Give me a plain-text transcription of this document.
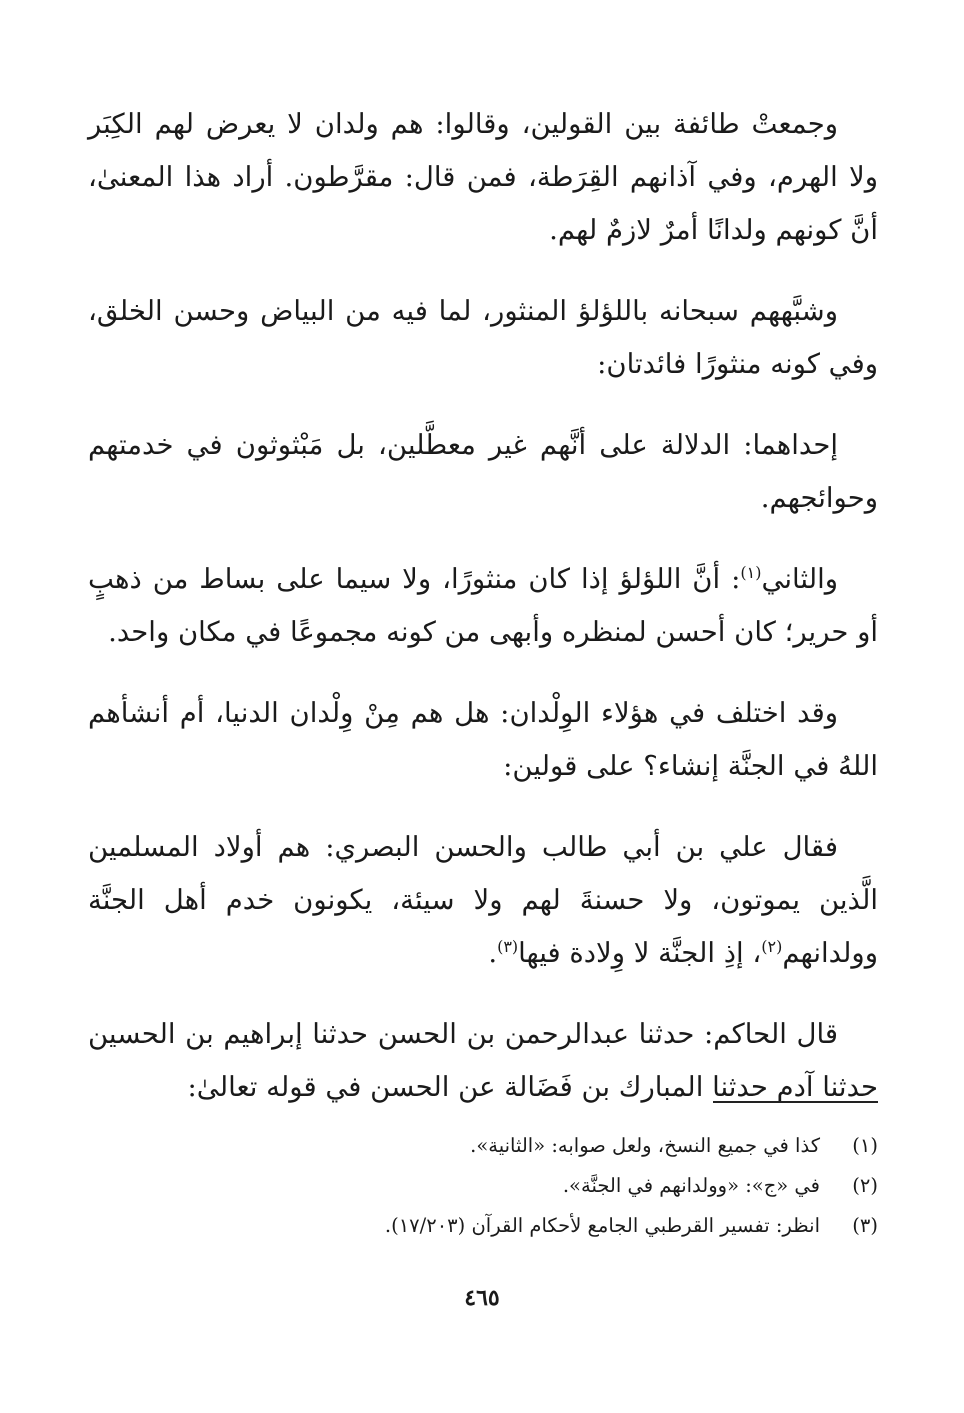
وجمعتْ طائفة بين القولين، وقالوا: هم ولدان لا يعرض لهم الكِبَر ولا الهرم، وفي آذانهم القِرَطة، فمن قال: مقرَّطون. أراد هذا المعنىٰ، أنَّ كونهم ولدانًا أمرٌ لازمٌ لهم.

وشبَّههم سبحانه باللؤلؤ المنثور، لما فيه من البياض وحسن الخلق، وفي كونه منثورًا فائدتان:

إحداهما: الدلالة على أنَّهم غير معطَّلين، بل مَبْثوثون في خدمتهم وحوائجهم.

والثاني$^{(١)}$: أنَّ اللؤلؤ إذا كان منثورًا، ولا سيما على بساط من ذهبٍ أو حرير؛ كان أحسن لمنظره وأبهى من كونه مجموعًا في مكان واحد.

وقد اختلف في هؤلاء الوِلْدان: هل هم مِنْ وِلْدان الدنيا، أم أنشأهم اللهُ في الجنَّة إنشاء؟ على قولين:

فقال علي بن أبي طالب والحسن البصري: هم أولاد المسلمين الَّذين يموتون، ولا حسنةَ لهم ولا سيئة، يكونون خدم أهل الجنَّة وولدانهم$^{(٢)}$، إذِ الجنَّة لا وِلادة فيها$^{(٣)}$.

قال الحاكم: حدثنا عبدالرحمن بن الحسن حدثنا إبراهيم بن الحسين حدثنا آدم حدثنا المبارك بن فَضَالة عن الحسن في قوله تعالىٰ:

(١)
كذا في جميع النسخ، ولعل صوابه: «الثانية».
(٢)
في «ج»: «وولدانهم في الجنَّة».
(٣)
انظر: تفسير القرطبي الجامع لأحكام القرآن (١٧/٢٠٣).
٤٦٥
